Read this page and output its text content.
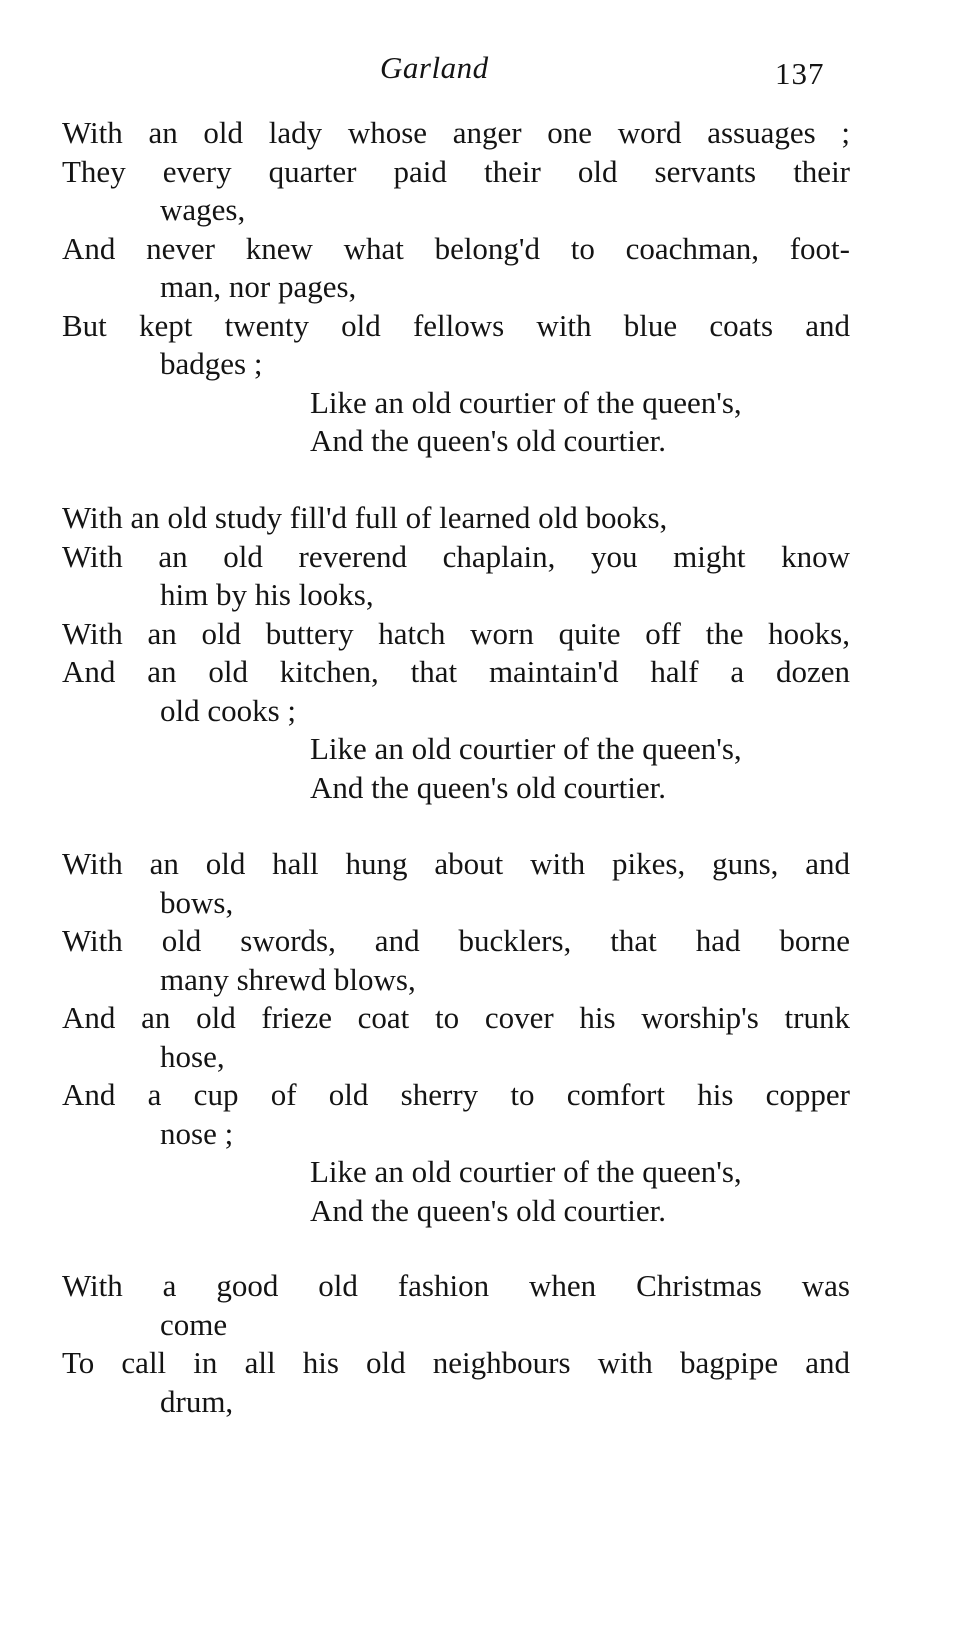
Garland	137
With an old lady whose anger one word assuages ;
They every quarter paid their old servants their
wages,
And never knew what belong'd to coachman, foot-
man, nor pages,
But kept twenty old fellows with blue coats and
badges ;
Like an old courtier of the queen's,
And the queen's old courtier.
With an old study fill'd full of learned old books,
With an old reverend chaplain, you might know
him by his looks,
With an old buttery hatch worn quite off the hooks,
And an old kitchen, that maintain'd half a dozen
old cooks ;
Like an old courtier of the queen's,
And the queen's old courtier.
With an old hall hung about with pikes, guns, and
bows,
With old swords, and bucklers, that had borne
many shrewd blows,
And an old frieze coat to cover his worship's trunk
hose,
And a cup of old sherry to comfort his copper
nose ;
Like an old courtier of the queen's,
And the queen's old courtier.
With a good old fashion when Christmas was
come
To call in all his old neighbours with bagpipe and
drum,
